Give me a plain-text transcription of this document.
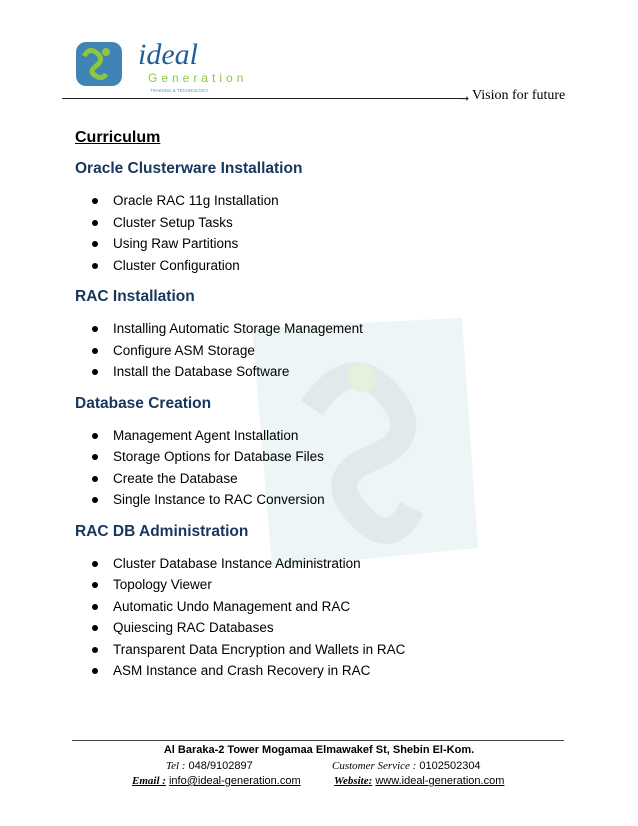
ideal
Generation
TRAINING & TECHNOLOGY
➞ Vision for future
Curriculum
Oracle Clusterware Installation
Oracle RAC 11g Installation
Cluster Setup Tasks
Using Raw Partitions
Cluster Configuration
RAC Installation
Installing Automatic Storage Management
Configure ASM Storage
Install the Database Software
Database Creation
Management Agent Installation
Storage Options for Database Files
Create the Database
Single Instance to RAC Conversion
RAC DB Administration
Cluster Database Instance Administration
Topology Viewer
Automatic Undo Management and RAC
Quiescing RAC Databases
Transparent Data Encryption and Wallets in RAC
ASM Instance and Crash Recovery in RAC
Al Baraka-2 Tower Mogamaa Elmawakef St, Shebin El-Kom.
Tel : 048/9102897	Customer Service : 0102502304
Email : info@ideal-generation.com	Website: www.ideal-generation.com
